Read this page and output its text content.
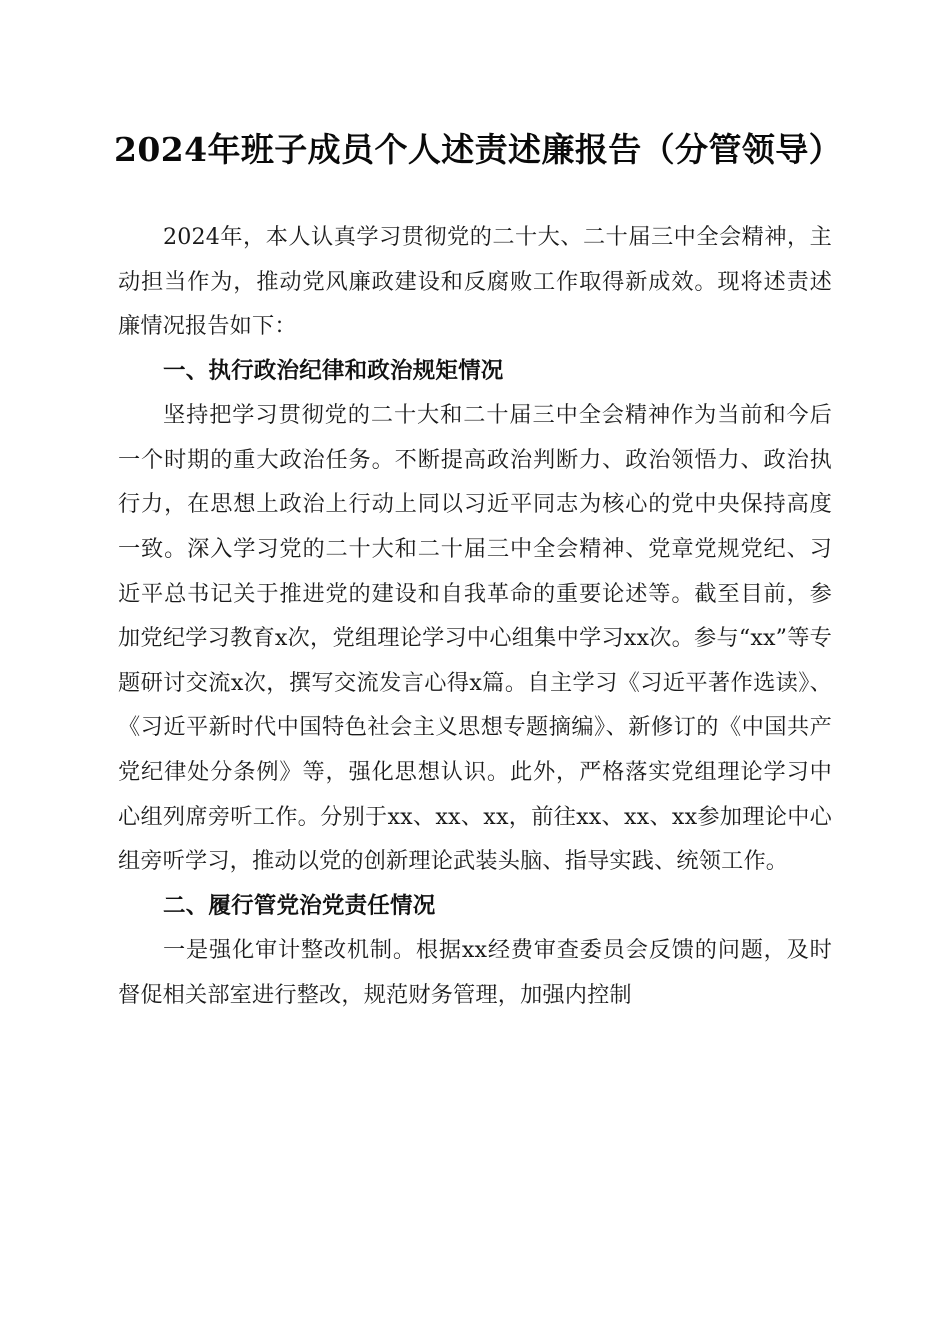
2024年班子成员个人述责述廉报告（分管领导）

2024年，本人认真学习贯彻党的二十大、二十届三中全会精神，主动担当作为，推动党风廉政建设和反腐败工作取得新成效。现将述责述廉情况报告如下：

一、执行政治纪律和政治规矩情况

坚持把学习贯彻党的二十大和二十届三中全会精神作为当前和今后一个时期的重大政治任务。不断提高政治判断力、政治领悟力、政治执行力，在思想上政治上行动上同以习近平同志为核心的党中央保持高度一致。深入学习党的二十大和二十届三中全会精神、党章党规党纪、习近平总书记关于推进党的建设和自我革命的重要论述等。截至目前，参加党纪学习教育x次，党组理论学习中心组集中学习xx次。参与“xx”等专题研讨交流x次，撰写交流发言心得x篇。自主学习《习近平著作选读》、《习近平新时代中国特色社会主义思想专题摘编》、新修订的《中国共产党纪律处分条例》等，强化思想认识。此外，严格落实党组理论学习中心组列席旁听工作。分别于xx、xx、xx，前往xx、xx、xx参加理论中心组旁听学习，推动以党的创新理论武装头脑、指导实践、统领工作。

二、履行管党治党责任情况

一是强化审计整改机制。根据xx经费审查委员会反馈的问题，及时督促相关部室进行整改，规范财务管理，加强内控制
